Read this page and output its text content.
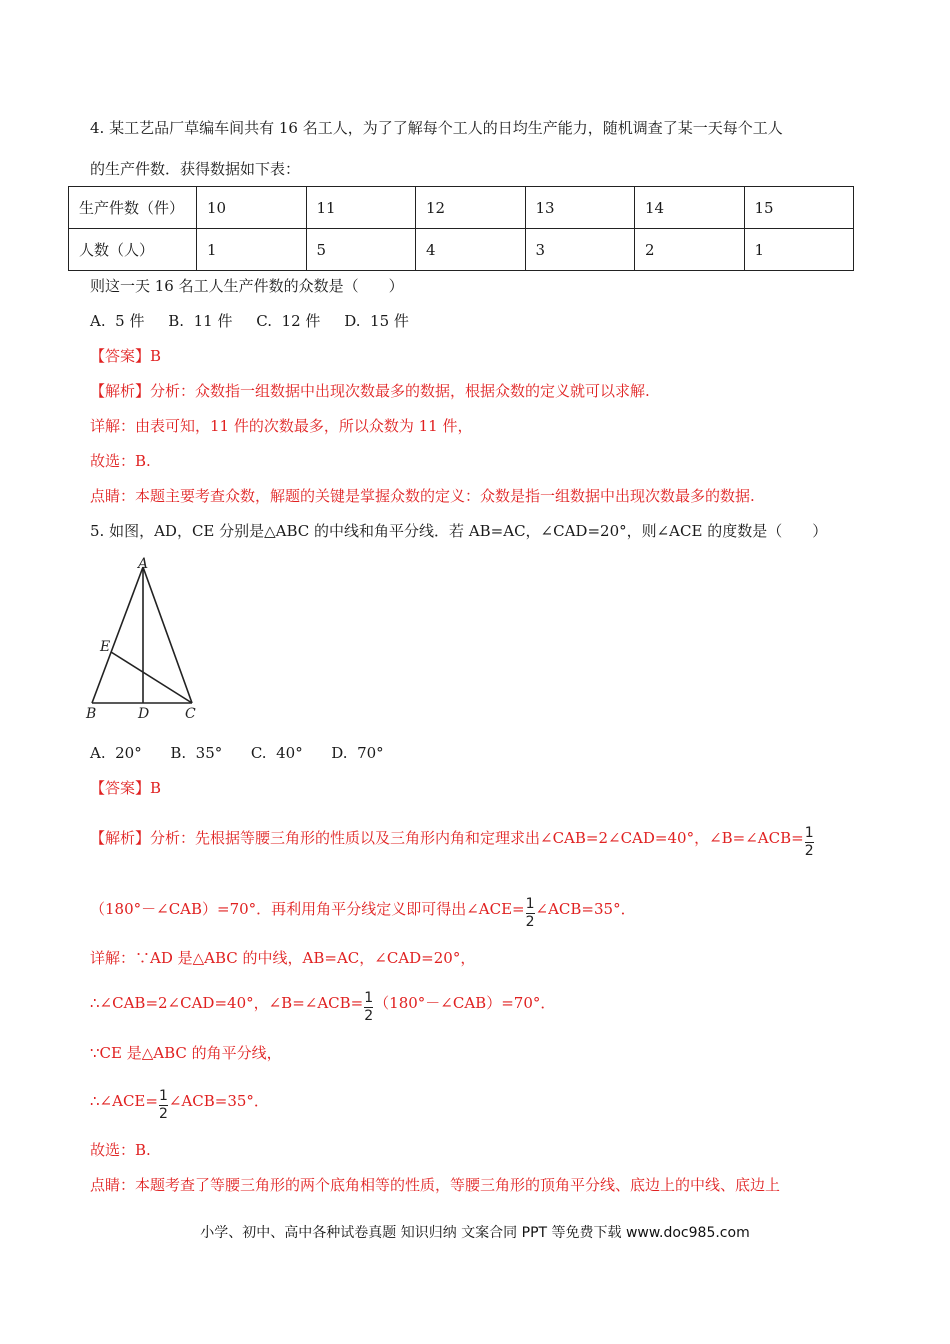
4. 某工艺品厂草编车间共有 16 名工人，为了了解每个工人的日均生产能力，随机调查了某一天每个工人
的生产件数．获得数据如下表：
生产件数（件）	10	11	12	13	14	15
人数（人）	1	5	4	3	2	1
则这一天 16 名工人生产件数的众数是（　　）
A.  5 件     B.  11 件     C.  12 件     D.  15 件
【答案】B
【解析】分析：众数指一组数据中出现次数最多的数据，根据众数的定义就可以求解.
详解：由表可知，11 件的次数最多，所以众数为 11 件，
故选：B.
点睛：本题主要考查众数，解题的关键是掌握众数的定义：众数是指一组数据中出现次数最多的数据.
5. 如图，AD，CE 分别是△ABC 的中线和角平分线．若 AB=AC，∠CAD=20°，则∠ACE 的度数是（　　）
A
B	C
D
E
A.  20°      B.  35°      C.  40°      D.  70°
【答案】B
【解析】分析：先根据等腰三角形的性质以及三角形内角和定理求出∠CAB=2∠CAD=40°，∠B=∠ACB= $\frac{1}{2}$
（180°－∠CAB）=70°．再利用角平分线定义即可得出∠ACE= $\frac{1}{2}$ ∠ACB=35°．
详解：∵AD 是△ABC 的中线，AB=AC，∠CAD=20°，
∴∠CAB=2∠CAD=40°，∠B=∠ACB= $\frac{1}{2}$ （180°－∠CAB）=70°．
∵CE 是△ABC 的角平分线，
∴∠ACE= $\frac{1}{2}$ ∠ACB=35°．
故选：B.
点睛：本题考查了等腰三角形的两个底角相等的性质，等腰三角形的顶角平分线、底边上的中线、底边上
小学、初中、高中各种试卷真题 知识归纳 文案合同 PPT 等免费下载 www.doc985.com
